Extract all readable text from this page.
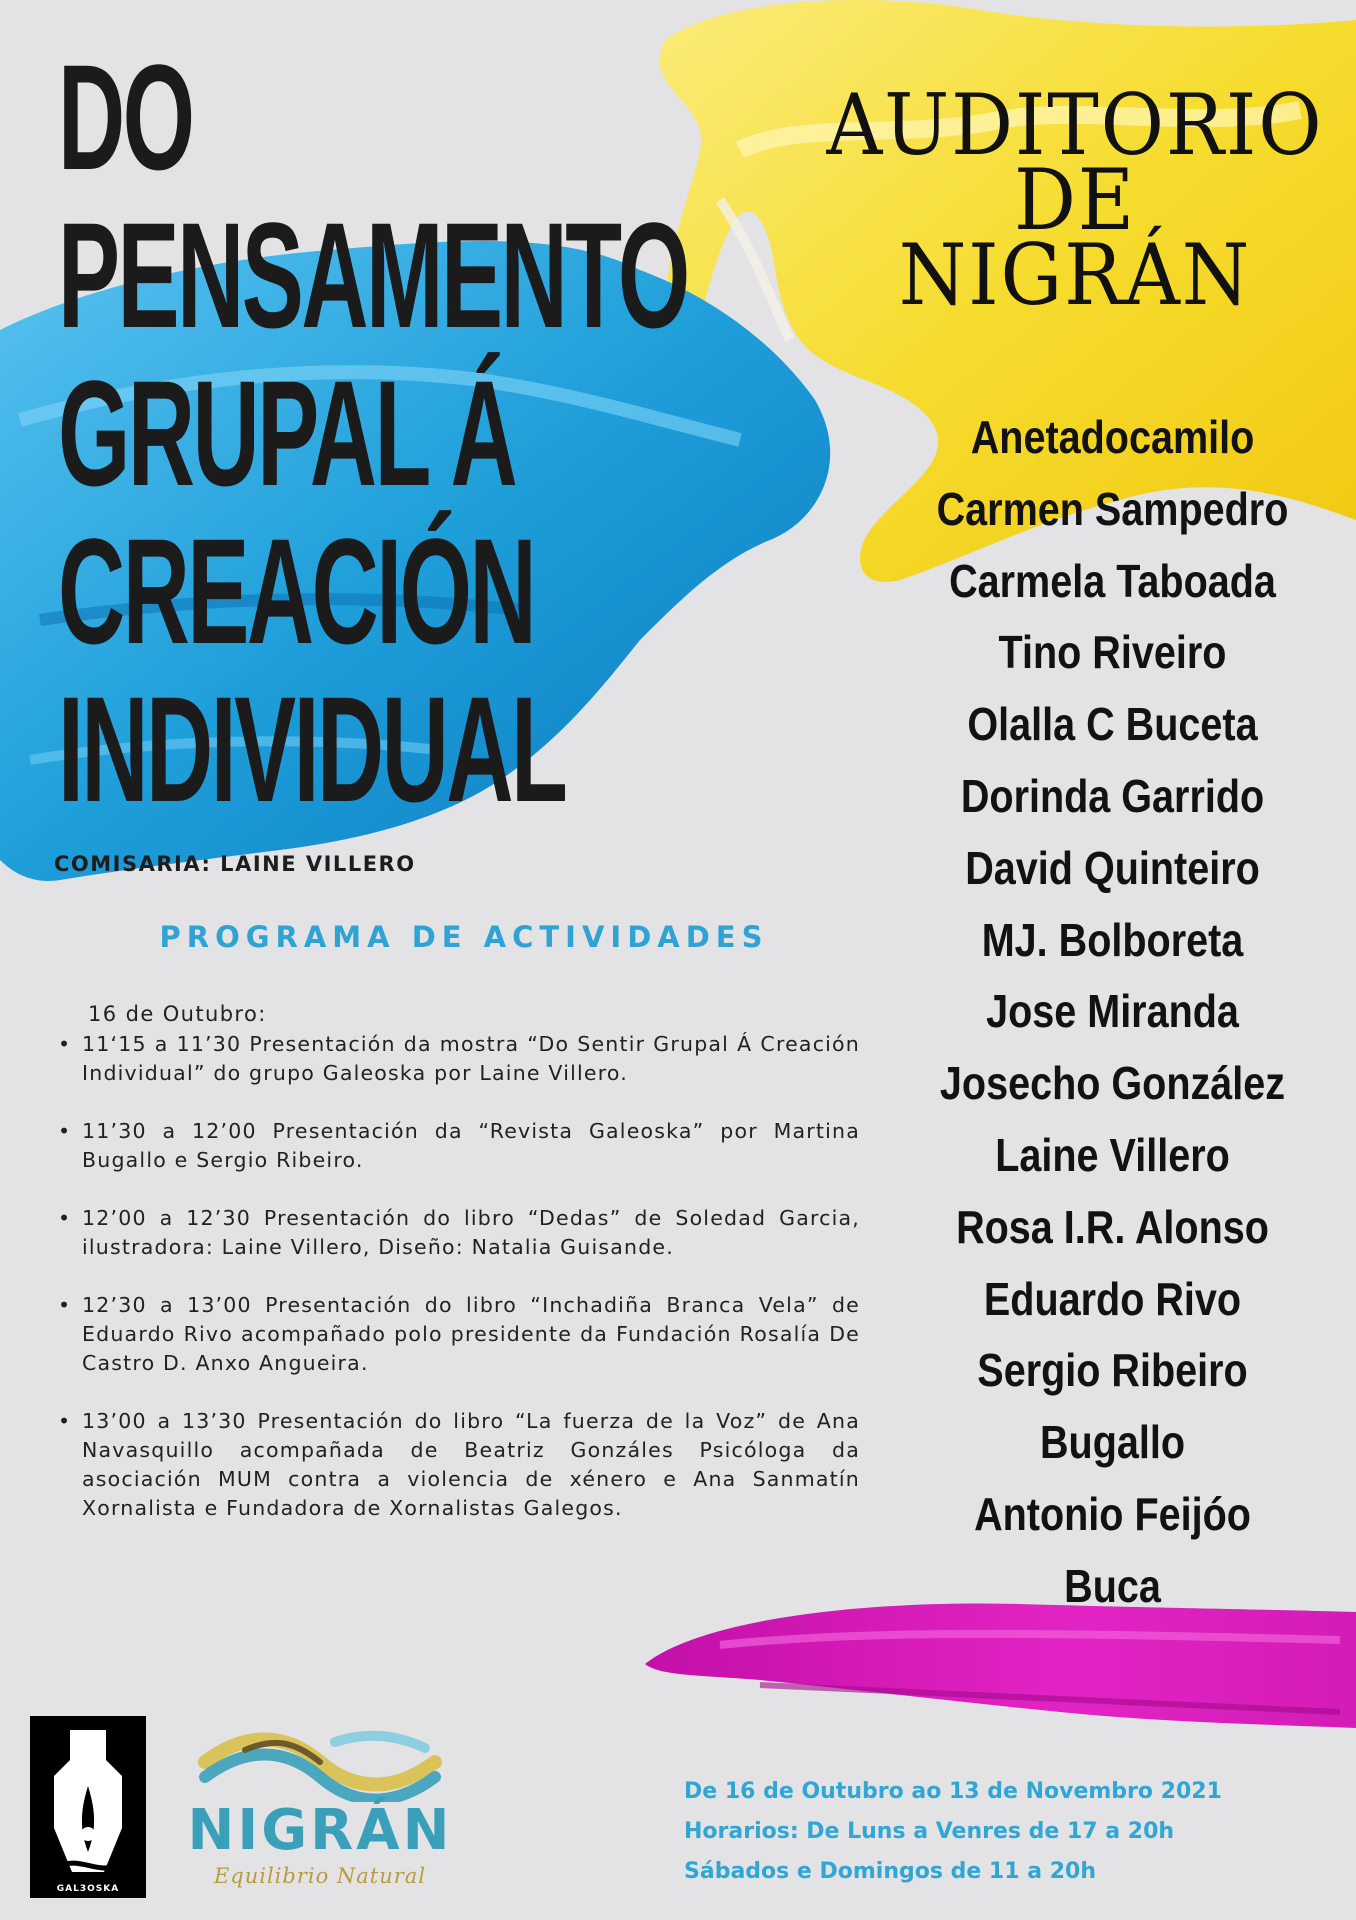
DO
PENSAMENTO
GRUPAL Á
CREACIÓN
INDIVIDUAL
AUDITORIO
DE
NIGRÁN
COMISARIA: LAINE VILLERO
PROGRAMA DE ACTIVIDADES
16 de Outubro:
• 11‘15 a 11’30 Presentación da mostra “Do Sentir Grupal Á Creación Individual” do grupo Galeoska por Laine Villero.
• 11’30 a 12’00 Presentación da “Revista Galeoska” por Martina Bugallo e Sergio Ribeiro.
• 12’00 a 12’30 Presentación do libro “Dedas” de Soledad Garcia, ilustradora: Laine Villero, Diseño: Natalia Guisande.
• 12’30 a 13’00 Presentación do libro “Inchadiña Branca Vela” de Eduardo Rivo acompañado polo presidente da Fundación Rosalía De Castro D. Anxo Angueira.
• 13’00 a 13’30 Presentación do libro “La fuerza de la Voz” de Ana Navasquillo acompañada de Beatriz Gonzáles Psicóloga da asociación MUM contra a violencia de xénero e Ana Sanmatín Xornalista e Fundadora de Xornalistas Galegos.
Anetadocamilo
Carmen Sampedro
Carmela Taboada
Tino Riveiro
Olalla C Buceta
Dorinda Garrido
David Quinteiro
MJ. Bolboreta
Jose Miranda
Josecho González
Laine Villero
Rosa I.R. Alonso
Eduardo Rivo
Sergio Ribeiro
Bugallo
Antonio Feijóo
Buca
GAL3OSKA
NIGRÁN
Equilibrio Natural
De 16 de Outubro ao 13 de Novembro 2021
Horarios: De Luns a Venres de 17 a 20h
Sábados e Domingos de 11 a 20h
